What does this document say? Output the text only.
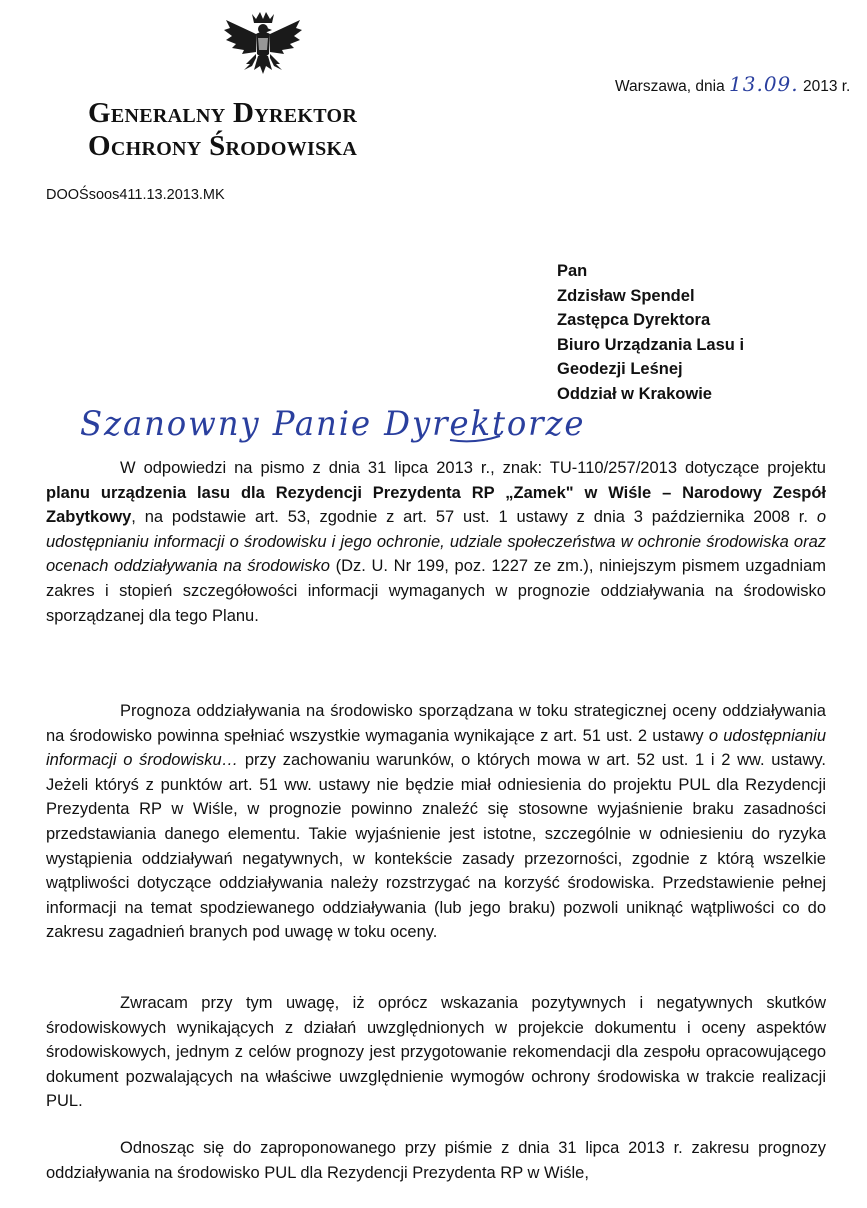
Warszawa, dnia 13.09. 2013 r.
Generalny Dyrektor
Ochrony Środowiska
DOOŚsoos411.13.2013.MK
Pan
Zdzisław Spendel
Zastępca Dyrektora
Biuro Urządzania Lasu i
Geodezji Leśnej
Oddział w Krakowie
Szanowny Panie Dyrektorze
W odpowiedzi na pismo z dnia 31 lipca 2013 r., znak: TU-110/257/2013 dotyczące projektu planu urządzenia lasu dla Rezydencji Prezydenta RP „Zamek" w Wiśle – Narodowy Zespół Zabytkowy, na podstawie art. 53, zgodnie z art. 57 ust. 1 ustawy z dnia 3 października 2008 r. o udostępnianiu informacji o środowisku i jego ochronie, udziale społeczeństwa w ochronie środowiska oraz ocenach oddziaływania na środowisko (Dz. U. Nr 199, poz. 1227 ze zm.), niniejszym pismem uzgadniam zakres i stopień szczegółowości informacji wymaganych w prognozie oddziaływania na środowisko sporządzanej dla tego Planu.
Prognoza oddziaływania na środowisko sporządzana w toku strategicznej oceny oddziaływania na środowisko powinna spełniać wszystkie wymagania wynikające z art. 51 ust. 2 ustawy o udostępnianiu informacji o środowisku… przy zachowaniu warunków, o których mowa w art. 52 ust. 1 i 2 ww. ustawy. Jeżeli któryś z punktów art. 51 ww. ustawy nie będzie miał odniesienia do projektu PUL dla Rezydencji Prezydenta RP w Wiśle, w prognozie powinno znaleźć się stosowne wyjaśnienie braku zasadności przedstawiania danego elementu. Takie wyjaśnienie jest istotne, szczególnie w odniesieniu do ryzyka wystąpienia oddziaływań negatywnych, w kontekście zasady przezorności, zgodnie z którą wszelkie wątpliwości dotyczące oddziaływania należy rozstrzygać na korzyść środowiska. Przedstawienie pełnej informacji na temat spodziewanego oddziaływania (lub jego braku) pozwoli uniknąć wątpliwości co do zakresu zagadnień branych pod uwagę w toku oceny.
Zwracam przy tym uwagę, iż oprócz wskazania pozytywnych i negatywnych skutków środowiskowych wynikających z działań uwzględnionych w projekcie dokumentu i oceny aspektów środowiskowych, jednym z celów prognozy jest przygotowanie rekomendacji dla zespołu opracowującego dokument pozwalających na właściwe uwzględnienie wymogów ochrony środowiska w trakcie realizacji PUL.
Odnosząc się do zaproponowanego przy piśmie z dnia 31 lipca 2013 r. zakresu prognozy oddziaływania na środowisko PUL dla Rezydencji Prezydenta RP w Wiśle,
